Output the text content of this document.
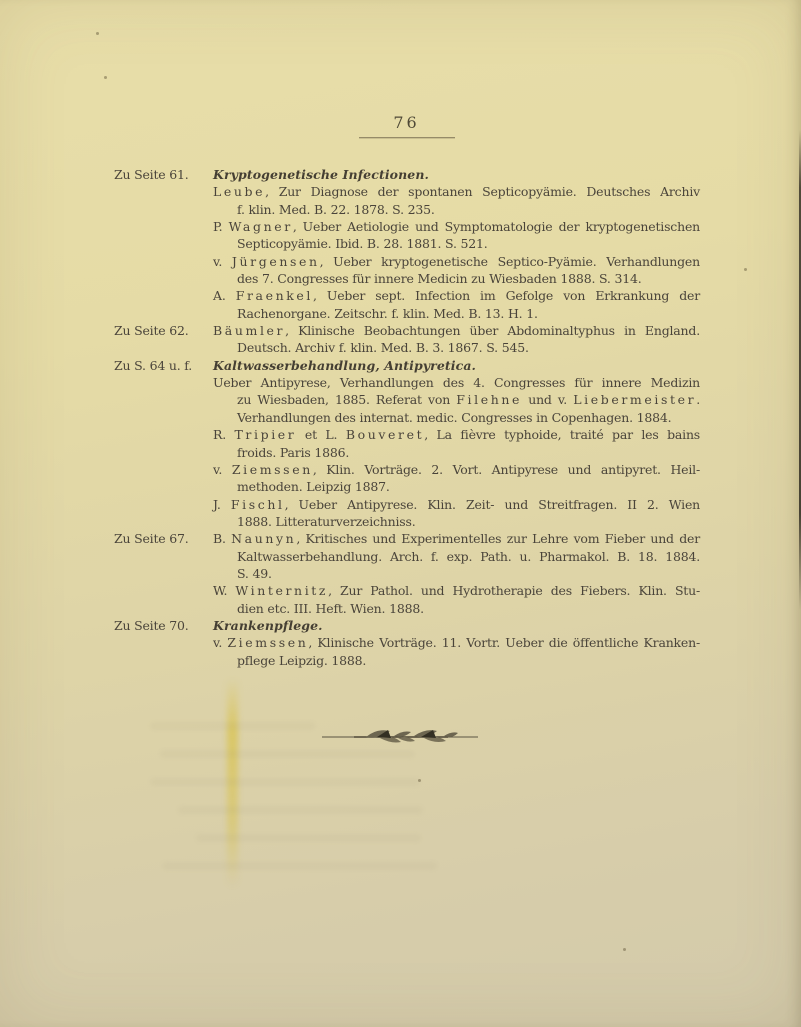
76
Zu Seite 61.	Kryptogenetische Infectionen.
Leube, Zur Diagnose der spontanen Septicopyämie. Deutsches Archiv
f. klin. Med. B. 22. 1878. S. 235.
P. Wagner, Ueber Aetiologie und Symptomatologie der kryptogenetischen
Septicopyämie. Ibid. B. 28. 1881. S. 521.
v. Jürgensen, Ueber kryptogenetische Septico-Pyämie. Verhandlungen
des 7. Congresses für innere Medicin zu Wiesbaden 1888. S. 314.
A. Fraenkel, Ueber sept. Infection im Gefolge von Erkrankung der
Rachenorgane. Zeitschr. f. klin. Med. B. 13. H. 1.
Zu Seite 62.	Bäumler, Klinische Beobachtungen über Abdominaltyphus in England.
Deutsch. Archiv f. klin. Med. B. 3. 1867. S. 545.
Zu S. 64 u. f.	Kaltwasserbehandlung, Antipyretica.
Ueber Antipyrese, Verhandlungen des 4. Congresses für innere Medizin
zu Wiesbaden, 1885. Referat von Filehne und v. Liebermeister.
Verhandlungen des internat. medic. Congresses in Copenhagen. 1884.
R. Tripier et L. Bouveret, La fièvre typhoide, traité par les bains
froids. Paris 1886.
v. Ziemssen, Klin. Vorträge. 2. Vort. Antipyrese und antipyret. Heil-
methoden. Leipzig 1887.
J. Fischl, Ueber Antipyrese. Klin. Zeit- und Streitfragen. II 2. Wien
1888. Litteraturverzeichniss.
Zu Seite 67.	B. Naunyn, Kritisches und Experimentelles zur Lehre vom Fieber und der
Kaltwasserbehandlung. Arch. f. exp. Path. u. Pharmakol. B. 18. 1884.
S. 49.
W. Winternitz, Zur Pathol. und Hydrotherapie des Fiebers. Klin. Stu-
dien etc. III. Heft. Wien. 1888.
Zu Seite 70.	Krankenpflege.
v. Ziemssen, Klinische Vorträge. 11. Vortr. Ueber die öffentliche Kranken-
pflege Leipzig. 1888.
